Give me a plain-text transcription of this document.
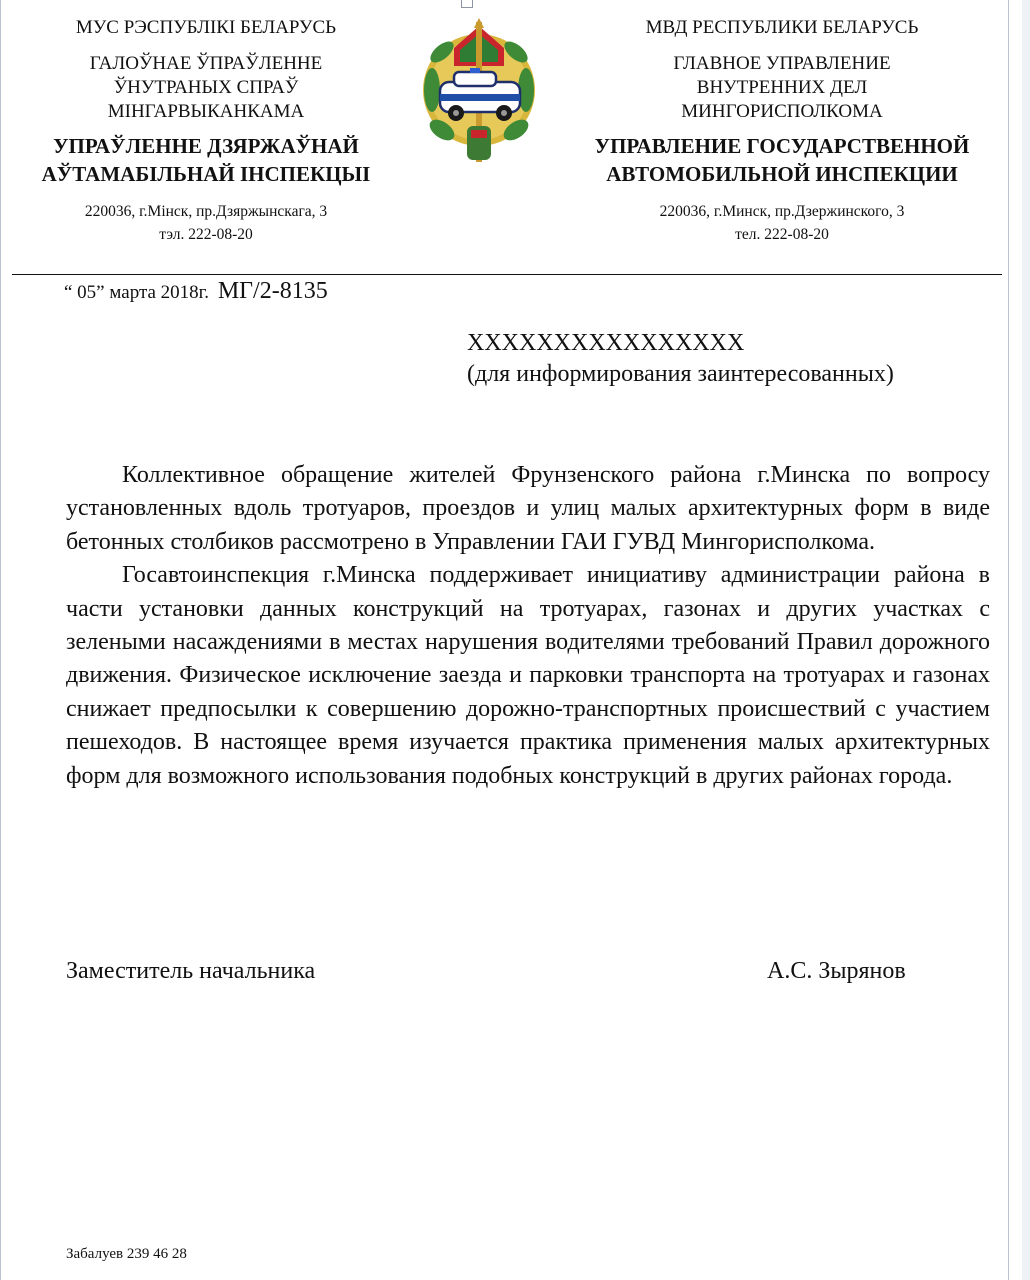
МУС РЭСПУБЛІКІ БЕЛАРУСЬ
ГАЛОЎНАЕ ЎПРАЎЛЕННЕ
ЎНУТРАНЫХ СПРАЎ
МІНГАРВЫКАНКАМА
УПРАЎЛЕННЕ ДЗЯРЖАЎНАЙ
АЎТАМАБІЛЬНАЙ ІНСПЕКЦЫІ
220036, г.Мінск, пр.Дзяржынскага, 3
тэл. 222-08-20
МВД РЕСПУБЛИКИ БЕЛАРУСЬ
ГЛАВНОЕ УПРАВЛЕНИЕ
ВНУТРЕННИХ ДЕЛ
МИНГОРИСПОЛКОМА
УПРАВЛЕНИЕ ГОСУДАРСТВЕННОЙ
АВТОМОБИЛЬНОЙ ИНСПЕКЦИИ
220036, г.Минск, пр.Дзержинского, 3
тел. 222-08-20
“ 05” марта 2018г. МГ/2-8135
XXXXXXXXXXXXXXXX
(для информирования заинтересованных)

Коллективное обращение жителей Фрунзенского района г.Минска по вопросу установленных вдоль тротуаров, проездов и улиц малых архитектурных форм в виде бетонных столбиков рассмотрено в Управлении ГАИ ГУВД Мингорисполкома.

Госавтоинспекция г.Минска поддерживает инициативу администрации района в части установки данных конструкций на тротуарах, газонах и других участках с зелеными насаждениями в местах нарушения водителями требований Правил дорожного движения. Физическое исключение заезда и парковки транспорта на тротуарах и газонах снижает предпосылки к совершению дорожно-транспортных происшествий с участием пешеходов. В настоящее время изучается практика применения малых архитектурных форм для возможного использования подобных конструкций в других районах города.

Заместитель начальника	А.С. Зырянов
Забалуев 239 46 28
